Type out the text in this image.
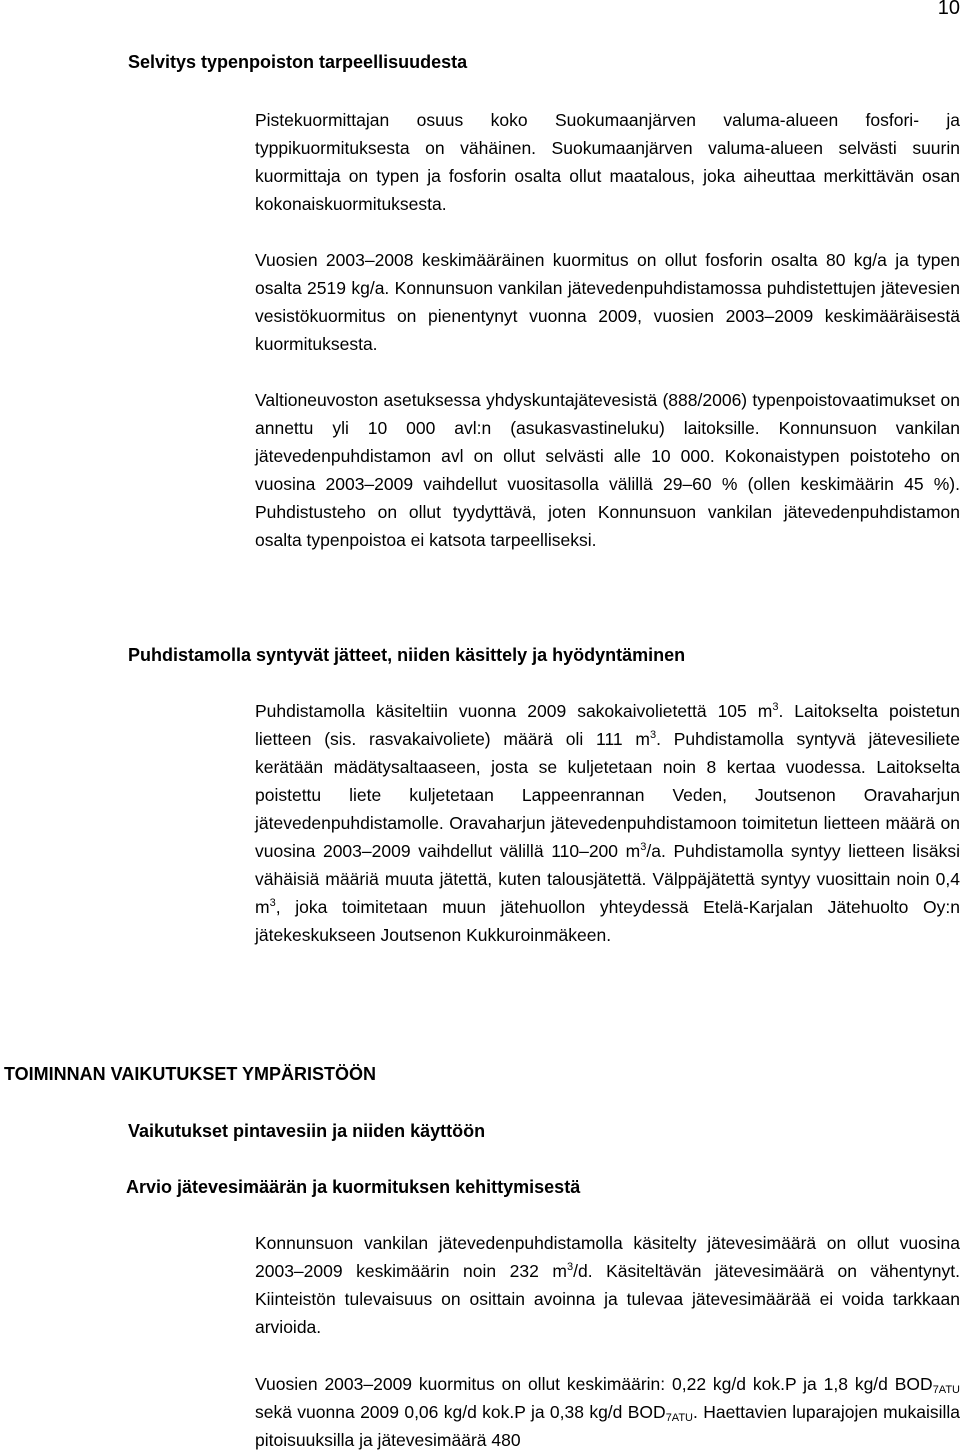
10
Selvitys typenpoiston tarpeellisuudesta
Pistekuormittajan osuus koko Suokumaanjärven valuma-alueen fosfori- ja typpikuormituksesta on vähäinen. Suokumaanjärven valuma-alueen selvästi suurin kuormittaja on typen ja fosforin osalta ollut maatalous, joka aiheuttaa merkittävän osan kokonaiskuormituksesta.
Vuosien 2003–2008 keskimääräinen kuormitus on ollut fosforin osalta 80 kg/a ja typen osalta 2519 kg/a. Konnunsuon vankilan jätevedenpuhdistamossa puhdistettujen jätevesien vesistökuormitus on pienentynyt vuonna 2009, vuosien 2003–2009 keskimääräisestä kuormituksesta.
Valtioneuvoston asetuksessa yhdyskuntajätevesistä (888/2006) typenpoistovaatimukset on annettu yli 10 000 avl:n (asukasvastineluku) laitoksille. Konnunsuon vankilan jätevedenpuhdistamon avl on ollut selvästi alle 10 000. Kokonaistypen poistoteho on vuosina 2003–2009 vaihdellut vuositasolla välillä 29–60 % (ollen keskimäärin 45 %). Puhdistusteho on ollut tyydyttävä, joten Konnunsuon vankilan jätevedenpuhdistamon osalta typenpoistoa ei katsota tarpeelliseksi.
Puhdistamolla syntyvät jätteet, niiden käsittely ja hyödyntäminen
Puhdistamolla käsiteltiin vuonna 2009 sakokaivolietettä 105 $m^3$. Laitokselta poistetun lietteen (sis. rasvakaivoliete) määrä oli 111 $m^3$. Puhdistamolla syntyvä jätevesiliete kerätään mädätysaltaaseen, josta se kuljetetaan noin 8 kertaa vuodessa. Laitokselta poistettu liete kuljetetaan Lappeenrannan Veden, Joutsenon Oravaharjun jätevedenpuhdistamolle. Oravaharjun jätevedenpuhdistamoon toimitetun lietteen määrä on vuosina 2003–2009 vaihdellut välillä 110–200 $m^3/a$. Puhdistamolla syntyy lietteen lisäksi vähäisiä määriä muuta jätettä, kuten talousjätettä. Välppäjätettä syntyy vuosittain noin 0,4 $m^3$, joka toimitetaan muun jätehuollon yhteydessä Etelä-Karjalan Jätehuolto Oy:n jätekeskukseen Joutsenon Kukkuroinmäkeen.
TOIMINNAN VAIKUTUKSET YMPÄRISTÖÖN
Vaikutukset pintavesiin ja niiden käyttöön
Arvio jätevesimäärän ja kuormituksen kehittymisestä
Konnunsuon vankilan jätevedenpuhdistamolla käsitelty jätevesimäärä on ollut vuosina 2003–2009 keskimäärin noin 232 $m^3/d$. Käsiteltävän jätevesimäärä on vähentynyt. Kiinteistön tulevaisuus on osittain avoinna ja tulevaa jätevesimäärää ei voida tarkkaan arvioida.
Vuosien 2003–2009 kuormitus on ollut keskimäärin: 0,22 kg/d kok.P ja 1,8 kg/d $BOD_{7ATU}$ sekä vuonna 2009 0,06 kg/d kok.P ja 0,38 kg/d $BOD_{7ATU}$. Haettavien luparajojen mukaisilla pitoisuuksilla ja jätevesimäärä 480
